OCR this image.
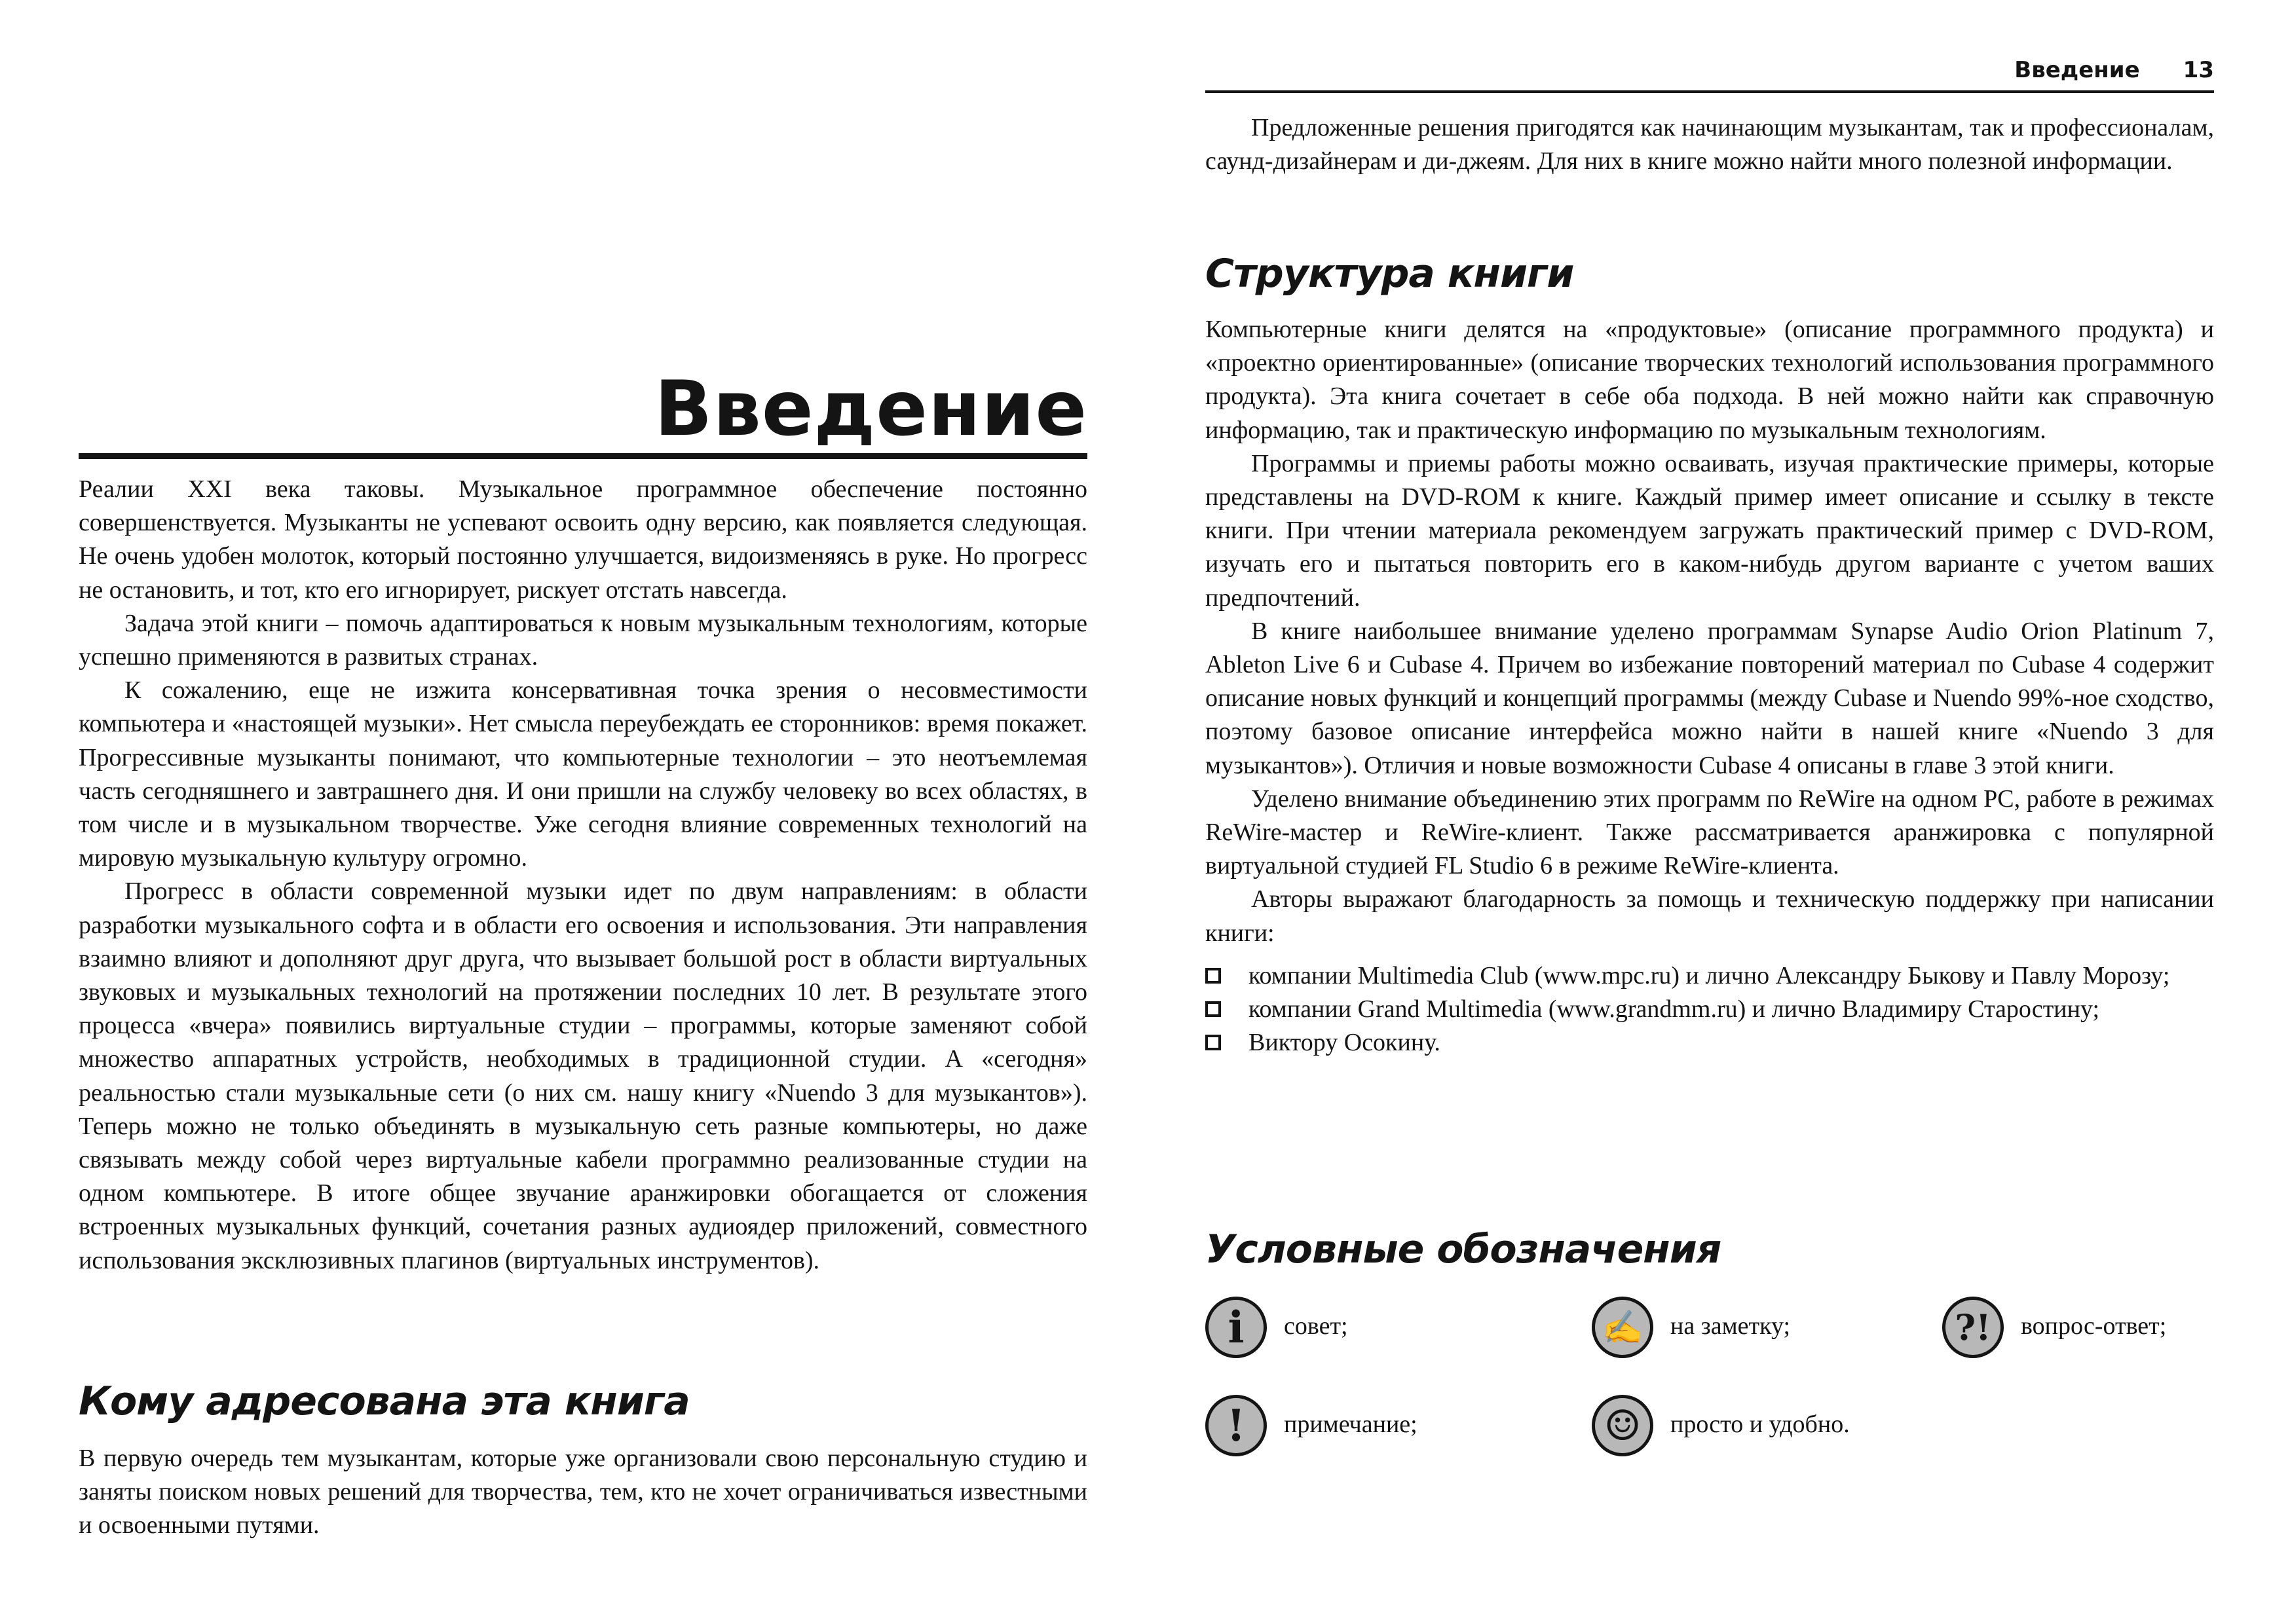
Введение

Реалии XXI века таковы. Музыкальное программное обеспечение постоянно совершенствуется. Музыканты не успевают освоить одну версию, как появляется следующая. Не очень удобен молоток, который постоянно улучшается, видоизменяясь в руке. Но прогресс не остановить, и тот, кто его игнорирует, рискует отстать навсегда.

Задача этой книги – помочь адаптироваться к новым музыкальным технологиям, которые успешно применяются в развитых странах.

К сожалению, еще не изжита консервативная точка зрения о несовместимости компьютера и «настоящей музыки». Нет смысла переубеждать ее сторонников: время покажет. Прогрессивные музыканты понимают, что компьютерные технологии – это неотъемлемая часть сегодняшнего и завтрашнего дня. И они пришли на службу человеку во всех областях, в том числе и в музыкальном творчестве. Уже сегодня влияние современных технологий на мировую музыкальную культуру огромно.

Прогресс в области современной музыки идет по двум направлениям: в области разработки музыкального софта и в области его освоения и использования. Эти направления взаимно влияют и дополняют друг друга, что вызывает большой рост в области виртуальных звуковых и музыкальных технологий на протяжении последних 10 лет. В результате этого процесса «вчера» появились виртуальные студии – программы, которые заменяют собой множество аппаратных устройств, необходимых в традиционной студии. А «сегодня» реальностью стали музыкальные сети (о них см. нашу книгу «Nuendo 3 для музыкантов»). Теперь можно не только объединять в музыкальную сеть разные компьютеры, но даже связывать между собой через виртуальные кабели программно реализованные студии на одном компьютере. В итоге общее звучание аранжировки обогащается от сложения встроенных музыкальных функций, сочетания разных аудиоядер приложений, совместного использования эксклюзивных плагинов (виртуальных инструментов).

Кому адресована эта книга

В первую очередь тем музыкантам, которые уже организовали свою персональную студию и заняты поиском новых решений для творчества, тем, кто не хочет ограничиваться известными и освоенными путями.

Введение 13

Предложенные решения пригодятся как начинающим музыкантам, так и профессионалам, саунд-дизайнерам и ди-джеям. Для них в книге можно найти много полезной информации.

Структура книги

Компьютерные книги делятся на «продуктовые» (описание программного продукта) и «проектно ориентированные» (описание творческих технологий использования программного продукта). Эта книга сочетает в себе оба подхода. В ней можно найти как справочную информацию, так и практическую информацию по музыкальным технологиям.

Программы и приемы работы можно осваивать, изучая практические примеры, которые представлены на DVD-ROM к книге. Каждый пример имеет описание и ссылку в тексте книги. При чтении материала рекомендуем загружать практический пример с DVD-ROM, изучать его и пытаться повторить его в каком-нибудь другом варианте с учетом ваших предпочтений.

В книге наибольшее внимание уделено программам Synapse Audio Orion Platinum 7, Ableton Live 6 и Cubase 4. Причем во избежание повторений материал по Cubase 4 содержит описание новых функций и концепций программы (между Cubase и Nuendo 99%-ное сходство, поэтому базовое описание интерфейса можно найти в нашей книге «Nuendo 3 для музыкантов»). Отличия и новые возможности Cubase 4 описаны в главе 3 этой книги.

Уделено внимание объединению этих программ по ReWire на одном PC, работе в режимах ReWire-мастер и ReWire-клиент. Также рассматривается аранжировка с популярной виртуальной студией FL Studio 6 в режиме ReWire-клиента.

Авторы выражают благодарность за помощь и техническую поддержку при написании книги:

компании Multimedia Club (www.mpc.ru) и лично Александру Быкову и Павлу Морозу;
компании Grand Multimedia (www.grandmm.ru) и лично Владимиру Старостину;
Виктору Осокину.
Условные обозначения
i	совет;	✍	на заметку;	?!	вопрос-ответ;
!	примечание;	☺	просто и удобно.
